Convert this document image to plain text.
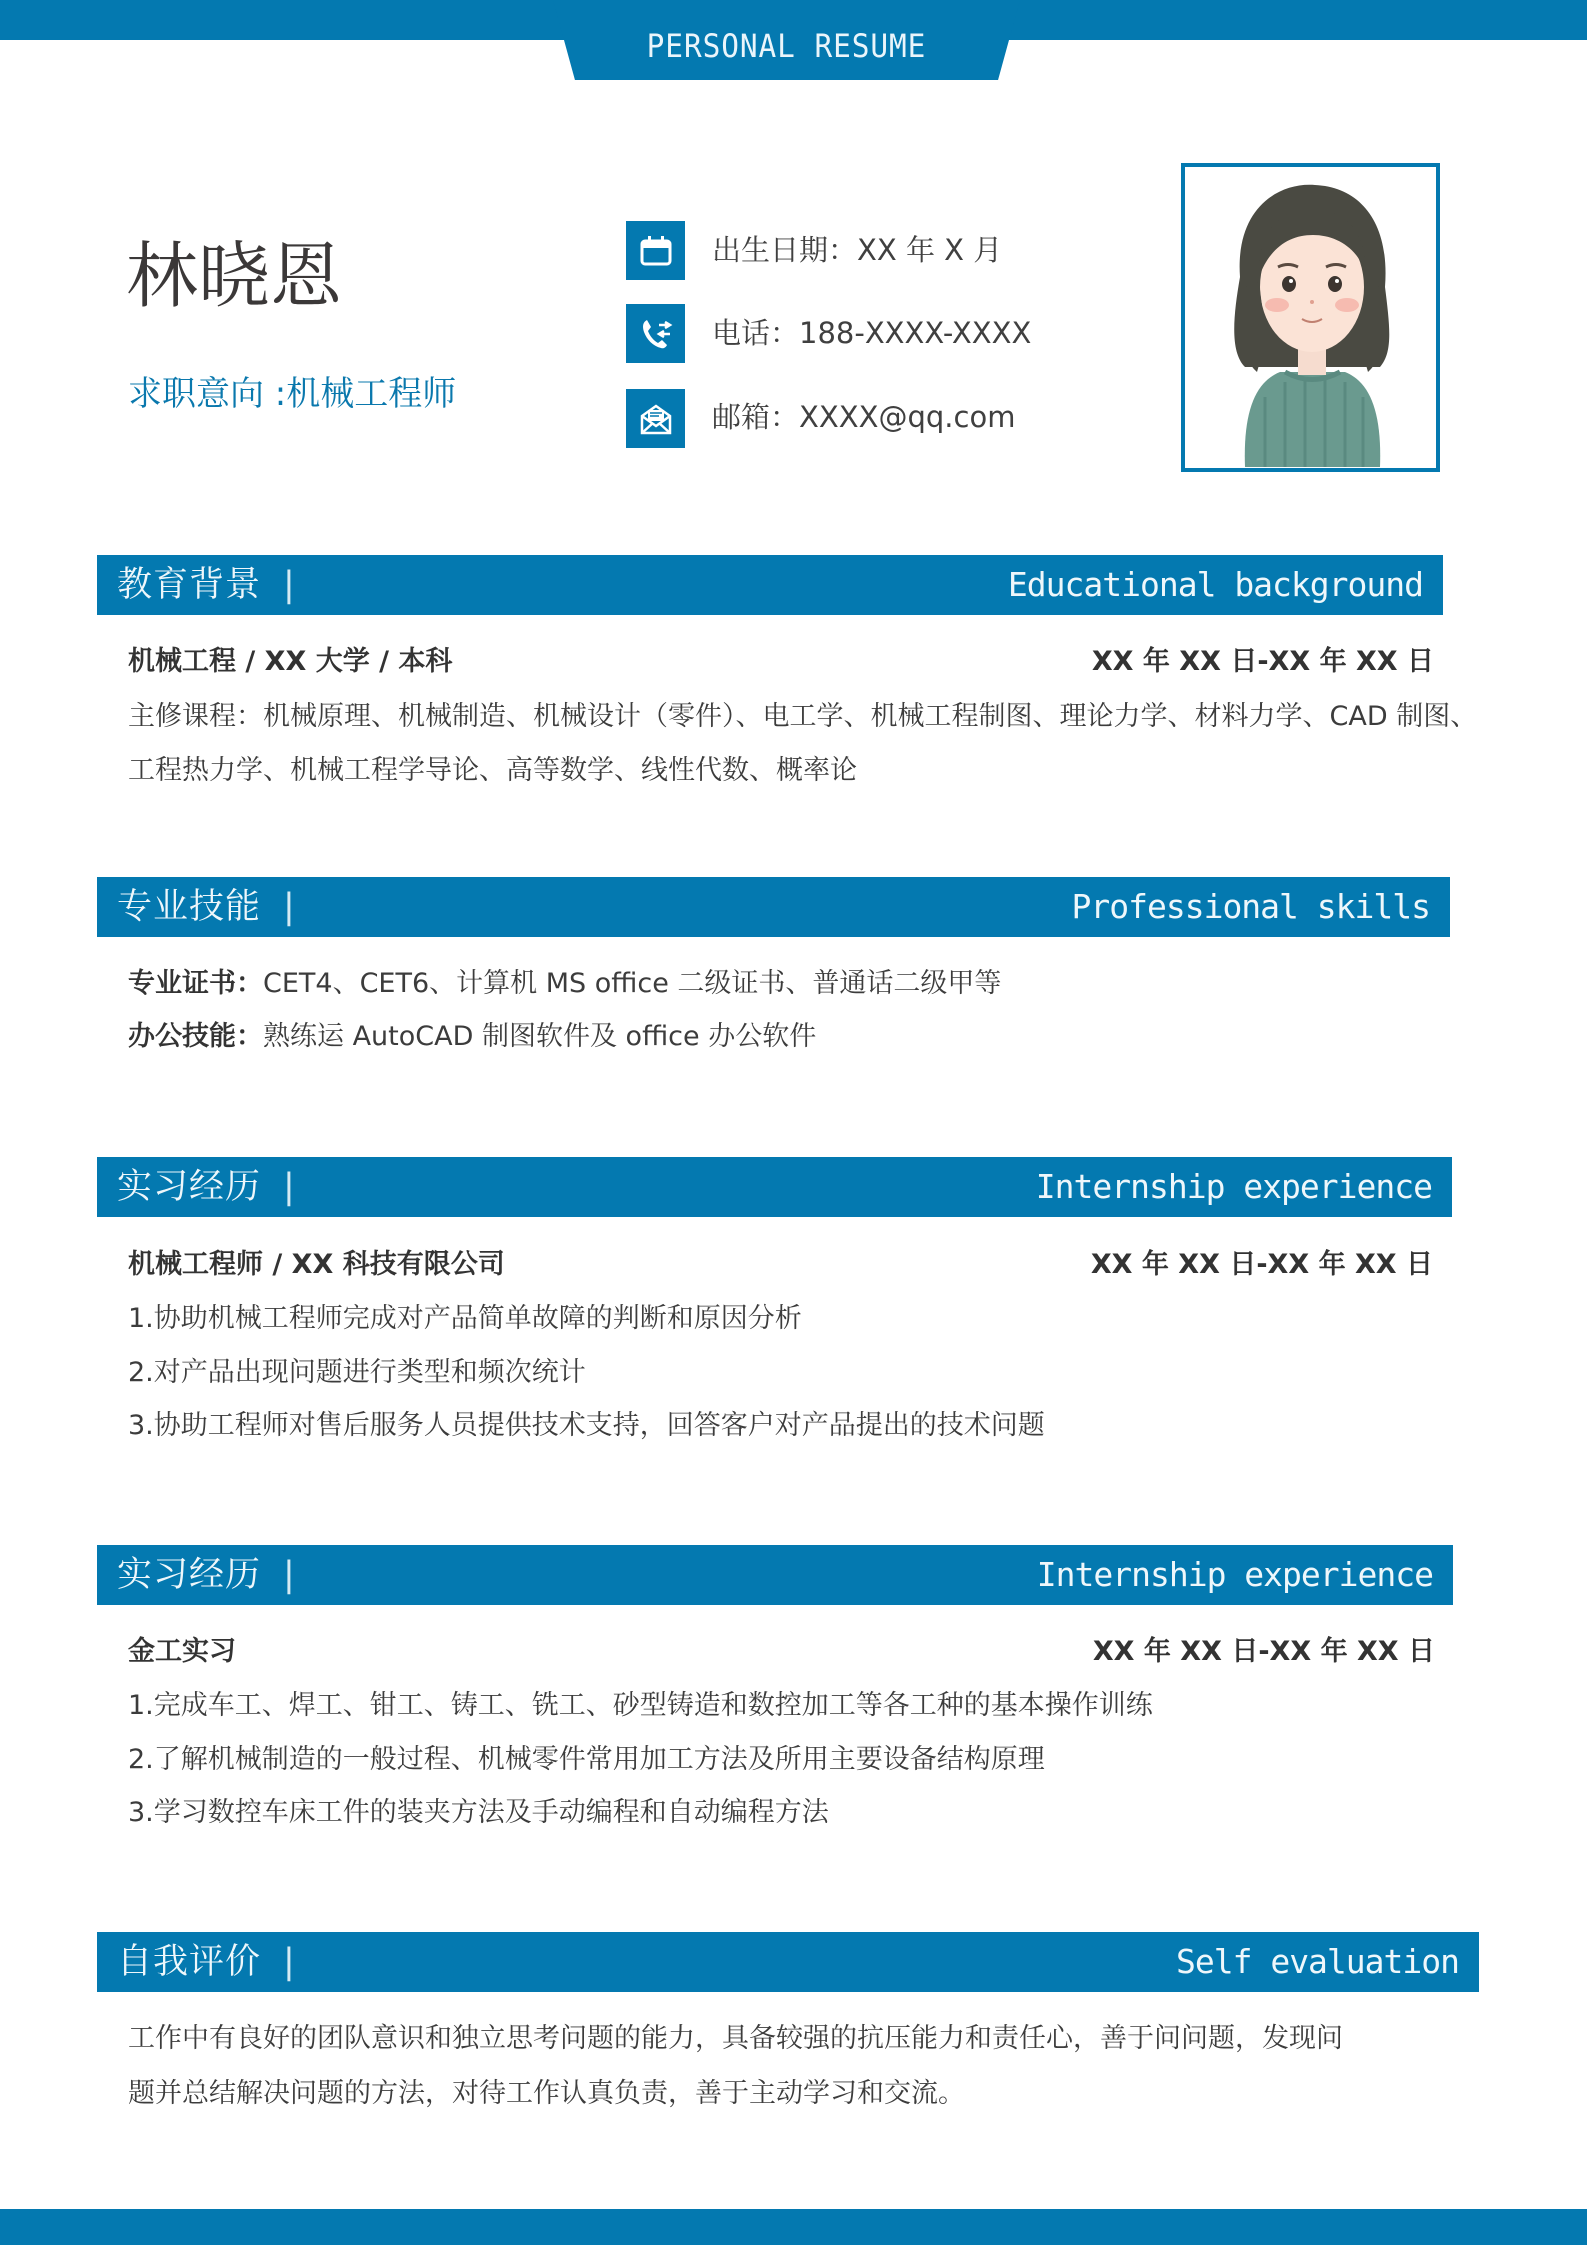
PERSONAL RESUME
林晓恩
求职意向 :机械工程师
出生日期：XX 年 X 月
电话：188-XXXX-XXXX
邮箱：XXXX@qq.com
教育背景 |	Educational background
机械工程 / XX 大学 / 本科	XX 年 XX 日-XX 年 XX 日
主修课程：机械原理、机械制造、机械设计（零件）、电工学、机械工程制图、理论力学、材料力学、CAD 制图、
工程热力学、机械工程学导论、高等数学、线性代数、概率论
专业技能 |	Professional skills
专业证书：CET4、CET6、计算机 MS office 二级证书、普通话二级甲等
办公技能：熟练运 AutoCAD 制图软件及 office 办公软件
实习经历 |	Internship experience
机械工程师 / XX 科技有限公司	XX 年 XX 日-XX 年 XX 日
1.协助机械工程师完成对产品简单故障的判断和原因分析
2.对产品出现问题进行类型和频次统计
3.协助工程师对售后服务人员提供技术支持，回答客户对产品提出的技术问题
实习经历 |	Internship experience
金工实习	XX 年 XX 日-XX 年 XX 日
1.完成车工、焊工、钳工、铸工、铣工、砂型铸造和数控加工等各工种的基本操作训练
2.了解机械制造的一般过程、机械零件常用加工方法及所用主要设备结构原理
3.学习数控车床工件的装夹方法及手动编程和自动编程方法
自我评价 |	Self evaluation
工作中有良好的团队意识和独立思考问题的能力，具备较强的抗压能力和责任心，善于问问题，发现问
题并总结解决问题的方法，对待工作认真负责，善于主动学习和交流。
